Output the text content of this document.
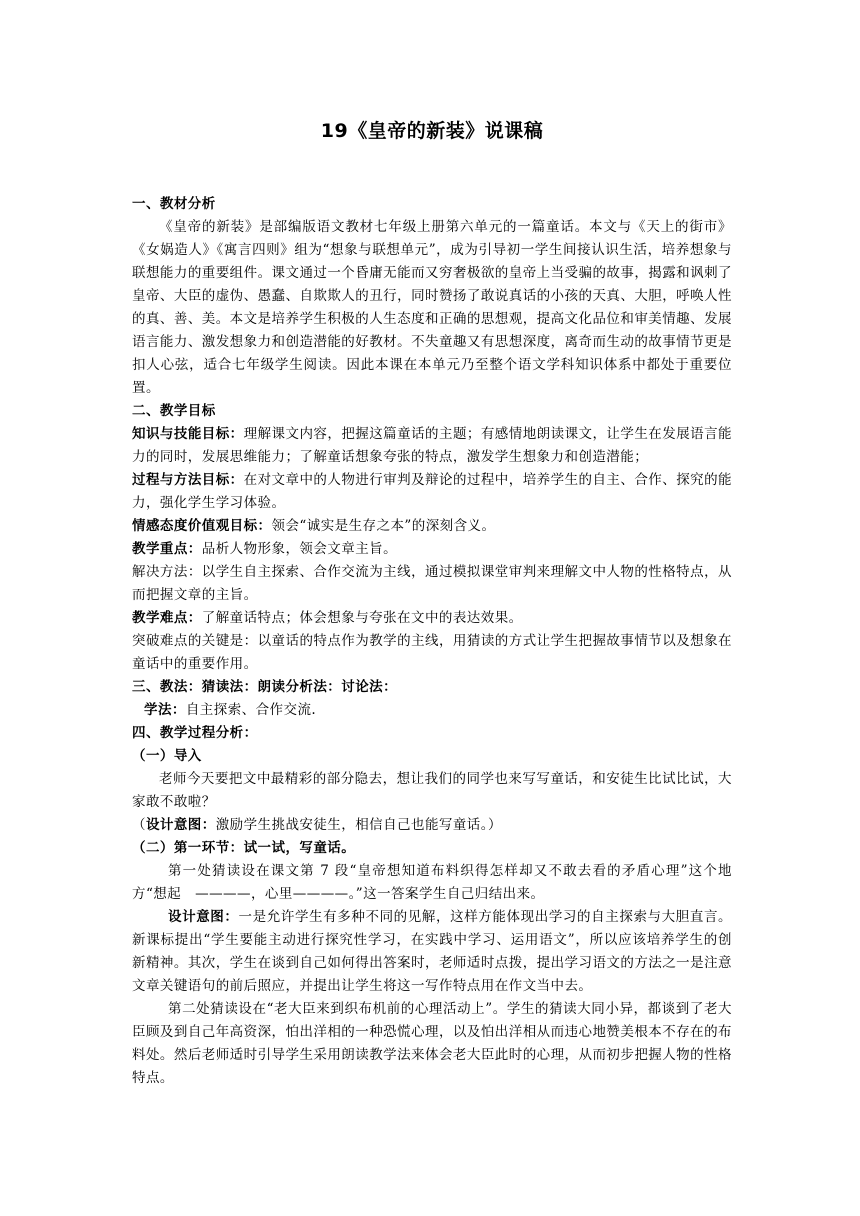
19《皇帝的新装》说课稿

一、教材分析

《皇帝的新装》是部编版语文教材七年级上册第六单元的一篇童话。本文与《天上的街市》《女娲造人》《寓言四则》组为“想象与联想单元”，成为引导初一学生间接认识生活，培养想象与联想能力的重要组件。课文通过一个昏庸无能而又穷奢极欲的皇帝上当受骗的故事，揭露和讽刺了皇帝、大臣的虚伪、愚蠢、自欺欺人的丑行，同时赞扬了敢说真话的小孩的天真、大胆，呼唤人性的真、善、美。本文是培养学生积极的人生态度和正确的思想观，提高文化品位和审美情趣、发展语言能力、激发想象力和创造潜能的好教材。不失童趣又有思想深度，离奇而生动的故事情节更是扣人心弦，适合七年级学生阅读。因此本课在本单元乃至整个语文学科知识体系中都处于重要位置。

二、教学目标

知识与技能目标：理解课文内容，把握这篇童话的主题；有感情地朗读课文，让学生在发展语言能力的同时，发展思维能力；了解童话想象夸张的特点，激发学生想象力和创造潜能；

过程与方法目标：在对文章中的人物进行审判及辩论的过程中，培养学生的自主、合作、探究的能力，强化学生学习体验。

情感态度价值观目标：领会“诚实是生存之本”的深刻含义。

教学重点：品析人物形象，领会文章主旨。

解决方法：以学生自主探索、合作交流为主线，通过模拟课堂审判来理解文中人物的性格特点，从而把握文章的主旨。

教学难点：了解童话特点；体会想象与夸张在文中的表达效果。

突破难点的关键是：以童话的特点作为教学的主线，用猜读的方式让学生把握故事情节以及想象在童话中的重要作用。

三、教法：猜读法：朗读分析法：讨论法：

学法：自主探索、合作交流.

四、教学过程分析：

（一）导入

老师今天要把文中最精彩的部分隐去，想让我们的同学也来写写童话，和安徒生比试比试，大家敢不敢啦？

（设计意图：激励学生挑战安徒生，相信自己也能写童话。）

（二）第一环节：试一试，写童话。

第一处猜读设在课文第 7 段“皇帝想知道布料织得怎样却又不敢去看的矛盾心理”这个地方“想起　————，心里————。”这一答案学生自己归结出来。

设计意图：一是允许学生有多种不同的见解，这样方能体现出学习的自主探索与大胆直言。新课标提出“学生要能主动进行探究性学习，在实践中学习、运用语文”，所以应该培养学生的创新精神。其次，学生在谈到自己如何得出答案时，老师适时点拨，提出学习语文的方法之一是注意文章关键语句的前后照应，并提出让学生将这一写作特点用在作文当中去。

第二处猜读设在“老大臣来到织布机前的心理活动上”。学生的猜读大同小异，都谈到了老大臣顾及到自己年高资深，怕出洋相的一种恐慌心理，以及怕出洋相从而违心地赞美根本不存在的布料处。然后老师适时引导学生采用朗读教学法来体会老大臣此时的心理，从而初步把握人物的性格特点。
